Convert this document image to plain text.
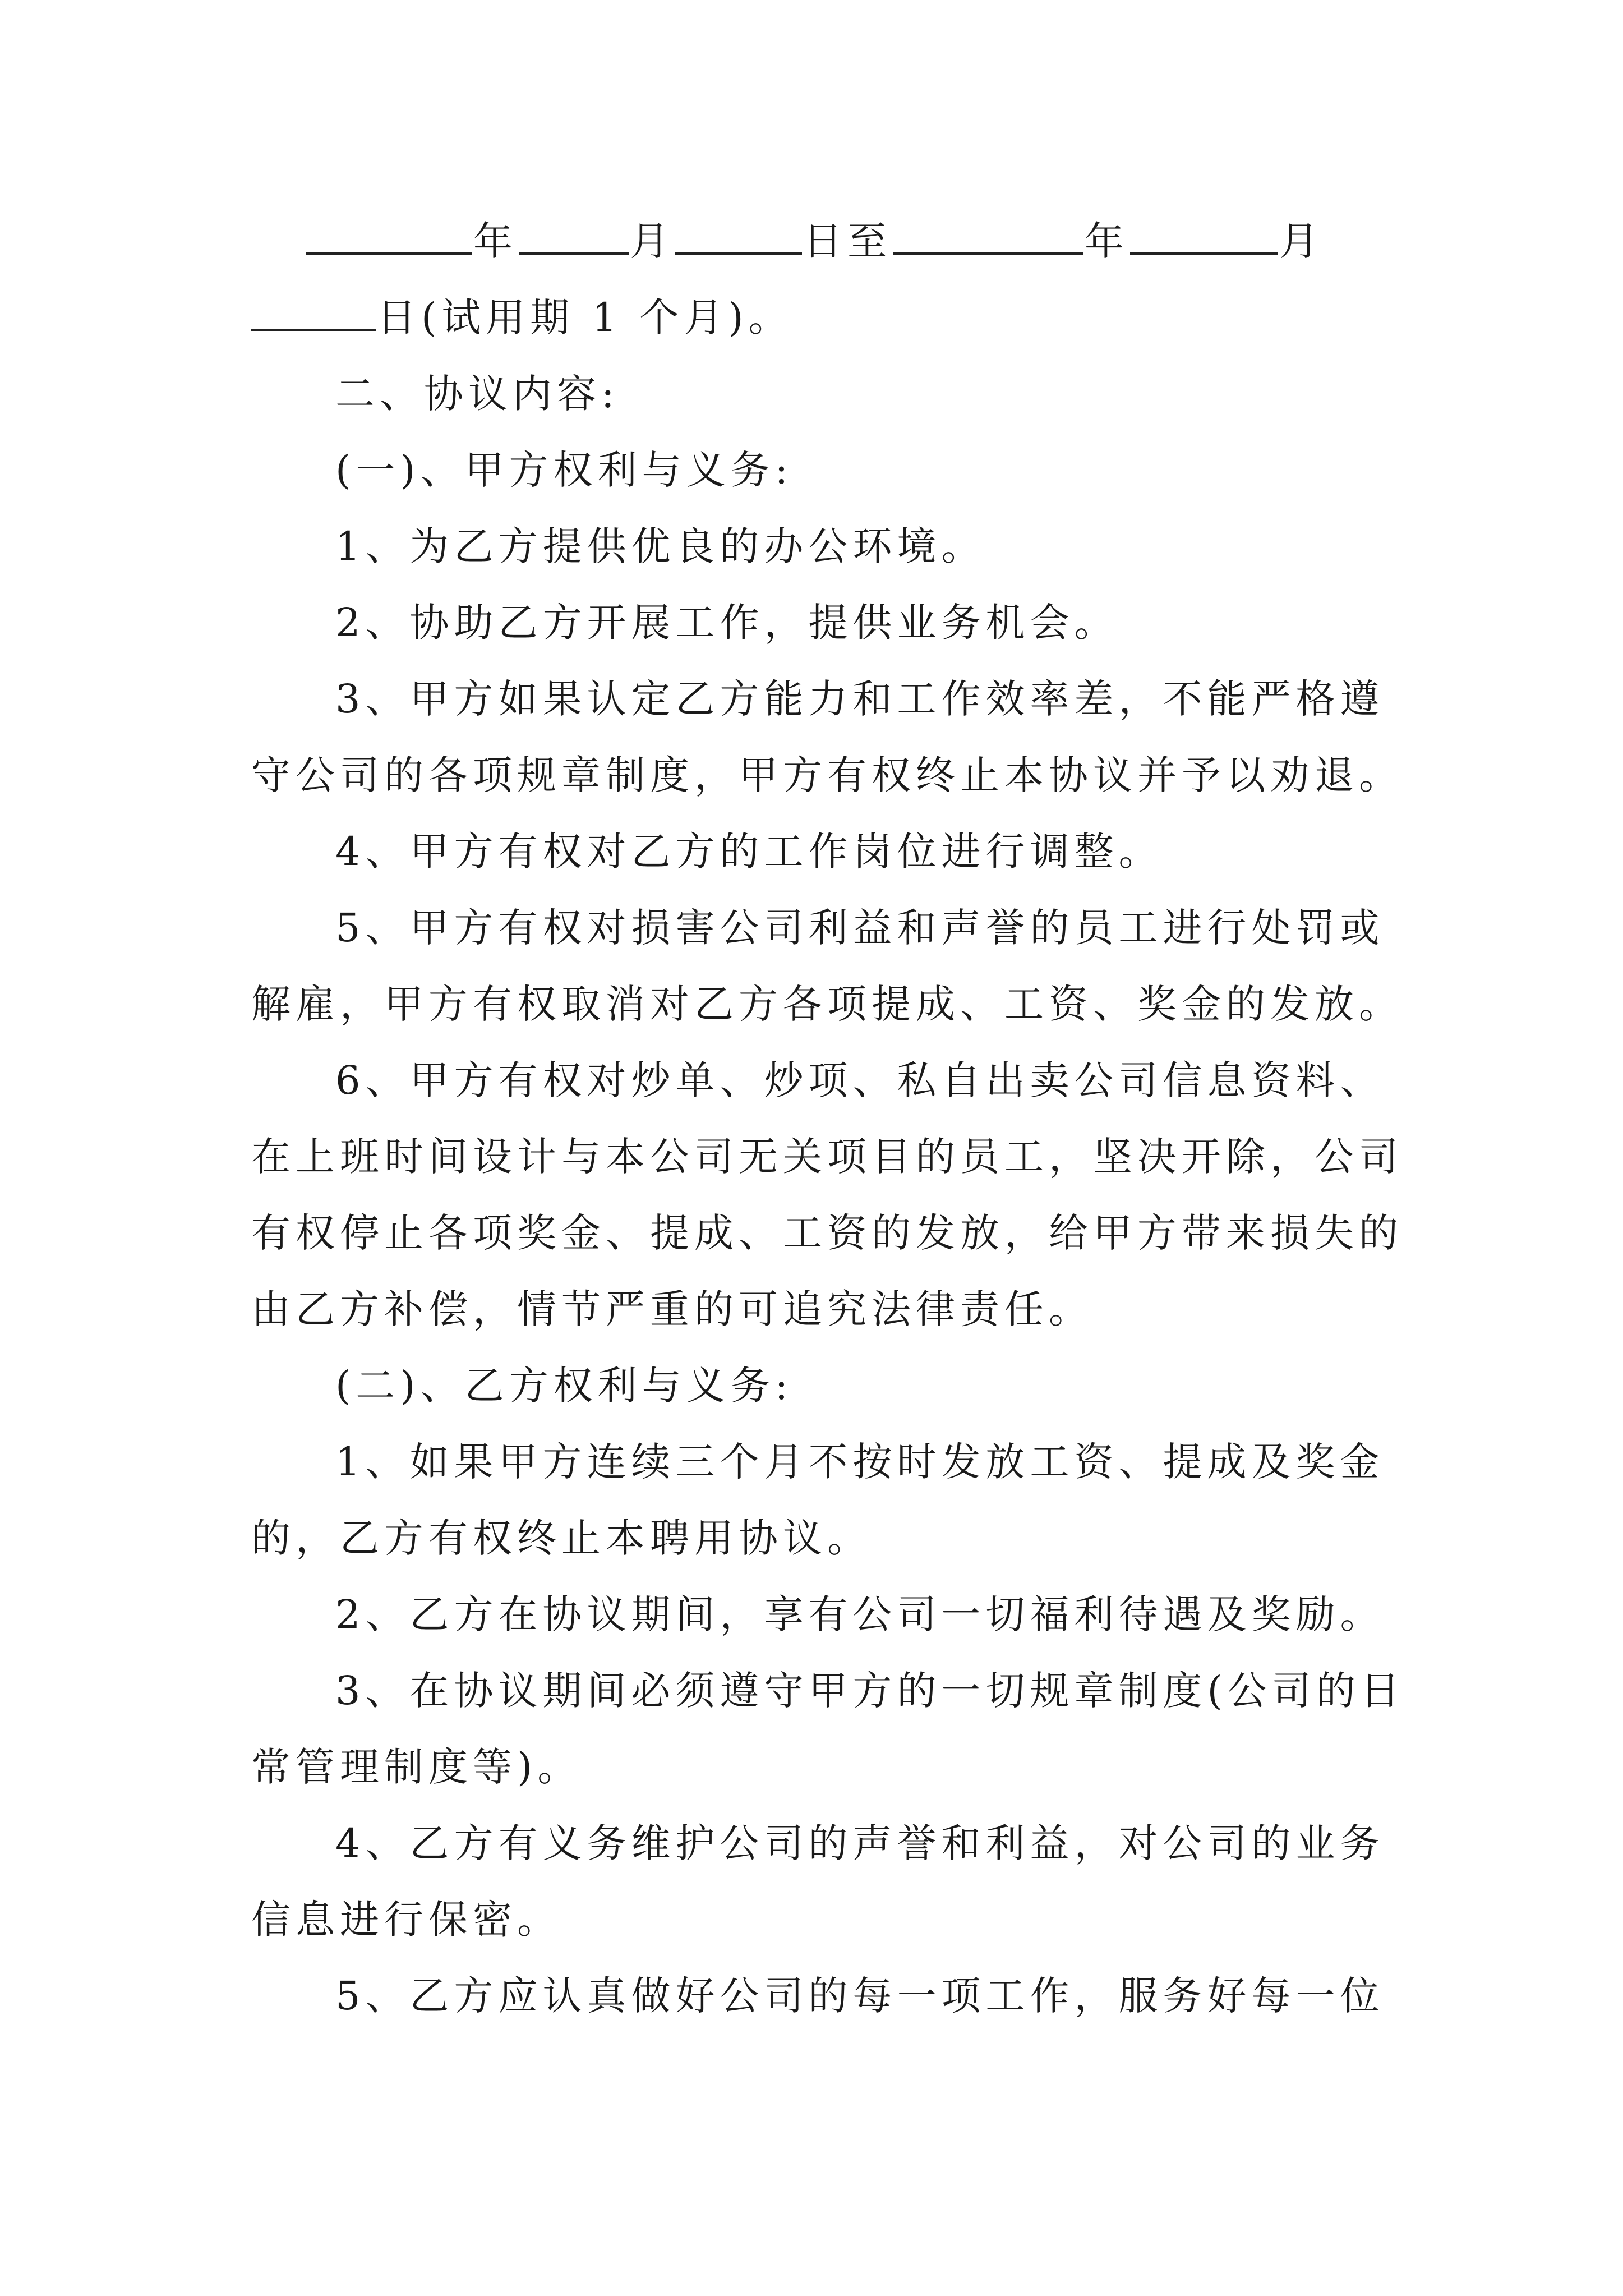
年	月	日至	年	月
日(试用期 1 个月)。
二、协议内容:
(一)、甲方权利与义务:
1、为乙方提供优良的办公环境。
2、协助乙方开展工作，提供业务机会。
3、甲方如果认定乙方能力和工作效率差，不能严格遵
守公司的各项规章制度，甲方有权终止本协议并予以劝退。
4、甲方有权对乙方的工作岗位进行调整。
5、甲方有权对损害公司利益和声誉的员工进行处罚或
解雇，甲方有权取消对乙方各项提成、工资、奖金的发放。
6、甲方有权对炒单、炒项、私自出卖公司信息资料、
在上班时间设计与本公司无关项目的员工，坚决开除，公司
有权停止各项奖金、提成、工资的发放，给甲方带来损失的
由乙方补偿，情节严重的可追究法律责任。
(二)、乙方权利与义务:
1、如果甲方连续三个月不按时发放工资、提成及奖金
的，乙方有权终止本聘用协议。
2、乙方在协议期间，享有公司一切福利待遇及奖励。
3、在协议期间必须遵守甲方的一切规章制度(公司的日
常管理制度等)。
4、乙方有义务维护公司的声誉和利益，对公司的业务
信息进行保密。
5、乙方应认真做好公司的每一项工作，服务好每一位
